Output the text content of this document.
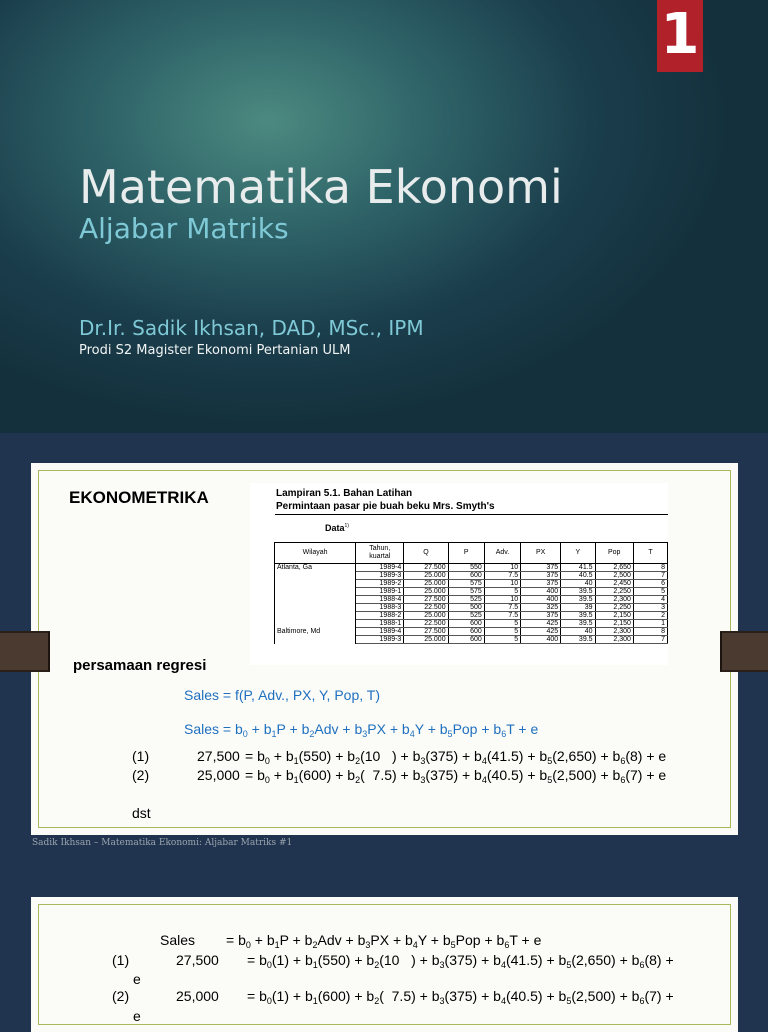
1
Matematika Ekonomi
Aljabar Matriks
Dr.Ir. Sadik Ikhsan, DAD, MSc., IPM
Prodi S2 Magister Ekonomi Pertanian ULM
EKONOMETRIKA	Lampiran 5.1. Bahan Latihan
Permintaan pasar pie buah beku Mrs. Smyth's
Data$^{1)}$
Wilayah	Tahun, kuartal	Q	P	Adv.	PX	Y	Pop	T
Atlanta, Ga	1989-4	27.500	550	10	375	41.5	2,650	8
	1989-3	25.000	600	7.5	375	40.5	2,500	7
	1989-2	25.000	575	10	375	40	2,450	6
	1989-1	25.000	575	5	400	39.5	2,250	5
	1988-4	27.500	525	10	400	39.5	2,300	4
	1988-3	22.500	500	7.5	325	39	2,250	3
	1988-2	25.000	525	7.5	375	39.5	2,150	2
	1988-1	22.500	600	5	425	39.5	2,150	1
Baltimore, Md	1989-4	27.500	600	5	425	40	2,300	8
	1989-3	25.000	600	5	400	39.5	2,300	7
persamaan regresi
Sales = f(P, Adv., PX, Y, Pop, T)
Sales = $b_0 + b_1P + b_2Adv + b_3PX + b_4Y + b_5Pop + b_6T + e$
(1)	$27,500 = b_0 + b_1(550) + b_2(10$   ) + $b_3(375) + b_4(41.5) + b_5(2,650) + b_6(8) + e$
(2)	$25,000 = b_0 + b_1(600) + b_2$(  $7.5) + b_3(375) + b_4(40.5) + b_5(2,500) + b_6(7) + e$
dst
Sadik Ikhsan – Matematika Ekonomi: Aljabar Matriks #1
Sales = $b_0 + b_1P + b_2Adv + b_3PX + b_4Y + b_5Pop + b_6T + e$
(1)	$27,500 = b_0(1) + b_1(550) + b_2(10$   ) + $b_3(375) + b_4(41.5) + b_5(2,650) + b_6(8)$ +
e
(2)	$25,000 = b_0(1) + b_1(600) + b_2$(  $7.5) + b_3(375) + b_4(40.5) + b_5(2,500) + b_6(7)$ +
e
